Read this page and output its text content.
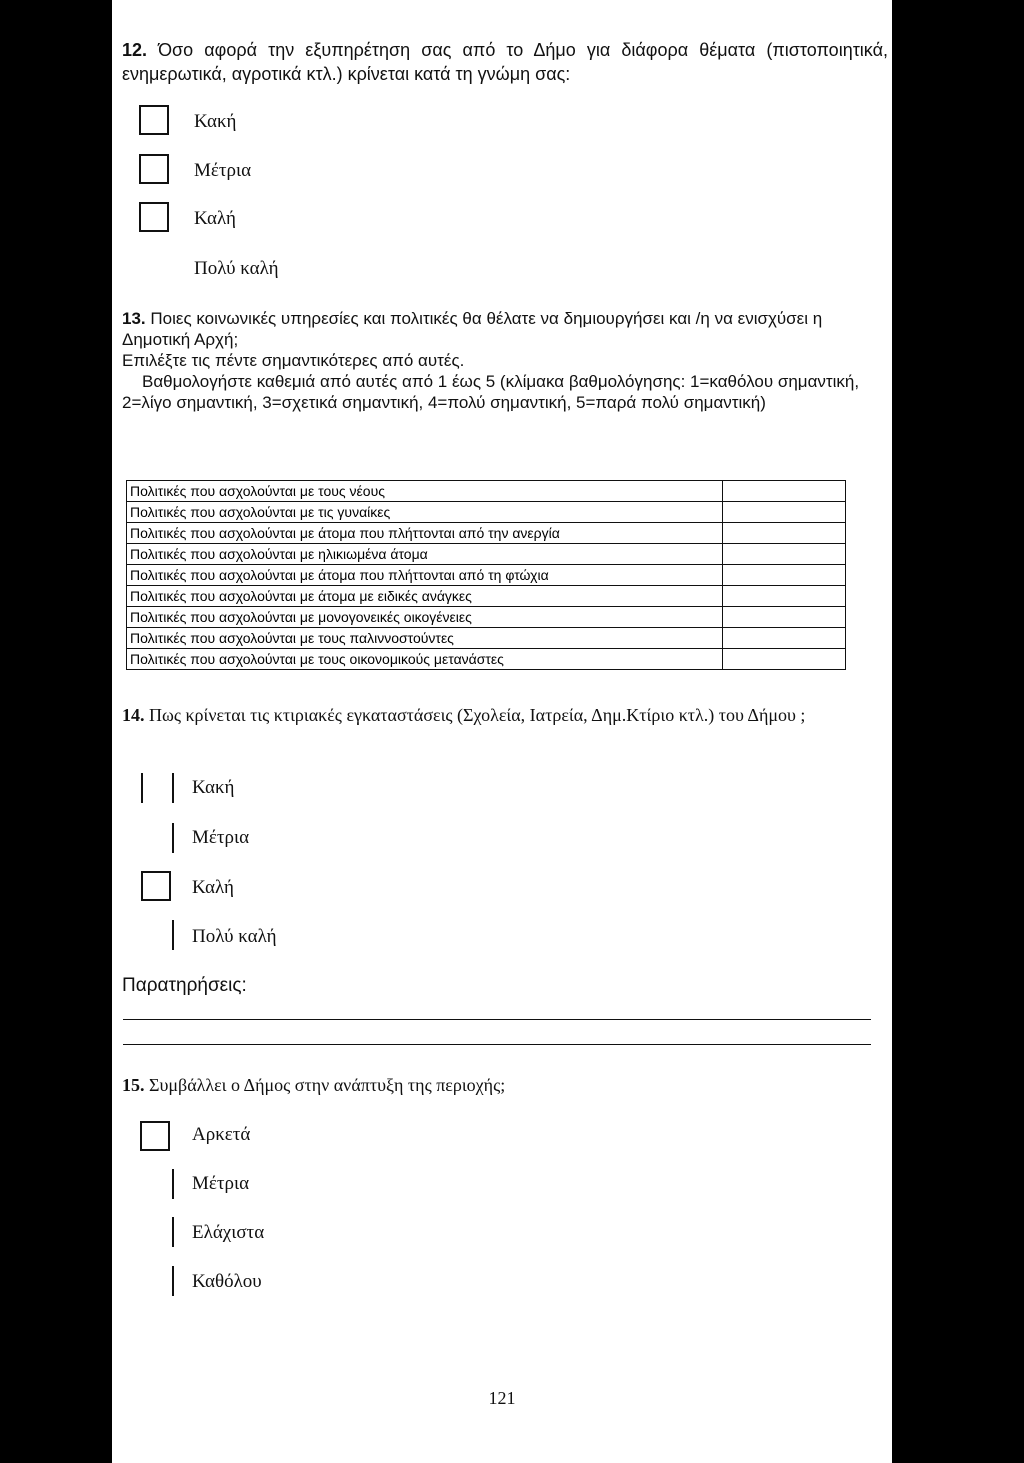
12. Όσο αφορά την εξυπηρέτηση σας από το Δήμο για διάφορα θέματα (πιστοποιητικά, ενημερωτικά, αγροτικά κτλ.) κρίνεται κατά τη γνώμη σας:
Κακή
Μέτρια
Καλή
Πολύ καλή
13. Ποιες κοινωνικές υπηρεσίες και πολιτικές θα θέλατε να δημιουργήσει και /η να ενισχύσει η Δημοτική Αρχή;
Επιλέξτε τις πέντε σημαντικότερες από αυτές.
Βαθμολογήστε καθεμιά από αυτές από 1 έως 5 (κλίμακα βαθμολόγησης: 1=καθόλου σημαντική, 2=λίγο σημαντική, 3=σχετικά σημαντική, 4=πολύ σημαντική, 5=παρά πολύ σημαντική)
Πολιτικές που ασχολούνται με τους νέους	
Πολιτικές που ασχολούνται με τις γυναίκες	
Πολιτικές που ασχολούνται με άτομα που πλήττονται από την ανεργία	
Πολιτικές που ασχολούνται με ηλικιωμένα άτομα	
Πολιτικές που ασχολούνται με άτομα που πλήττονται από τη φτώχια	
Πολιτικές που ασχολούνται με άτομα με ειδικές ανάγκες	
Πολιτικές που ασχολούνται με μονογονεικές οικογένειες	
Πολιτικές που ασχολούνται με τους παλιννοστούντες	
Πολιτικές που ασχολούνται με τους οικονομικούς μετανάστες	
14. Πως κρίνεται τις κτιριακές εγκαταστάσεις (Σχολεία, Ιατρεία, Δημ.Κτίριο κτλ.) του Δήμου ;
Κακή
Μέτρια
Καλή
Πολύ καλή
Παρατηρήσεις:
15. Συμβάλλει ο Δήμος στην ανάπτυξη της περιοχής;
Αρκετά
Μέτρια
Ελάχιστα
Καθόλου
121
